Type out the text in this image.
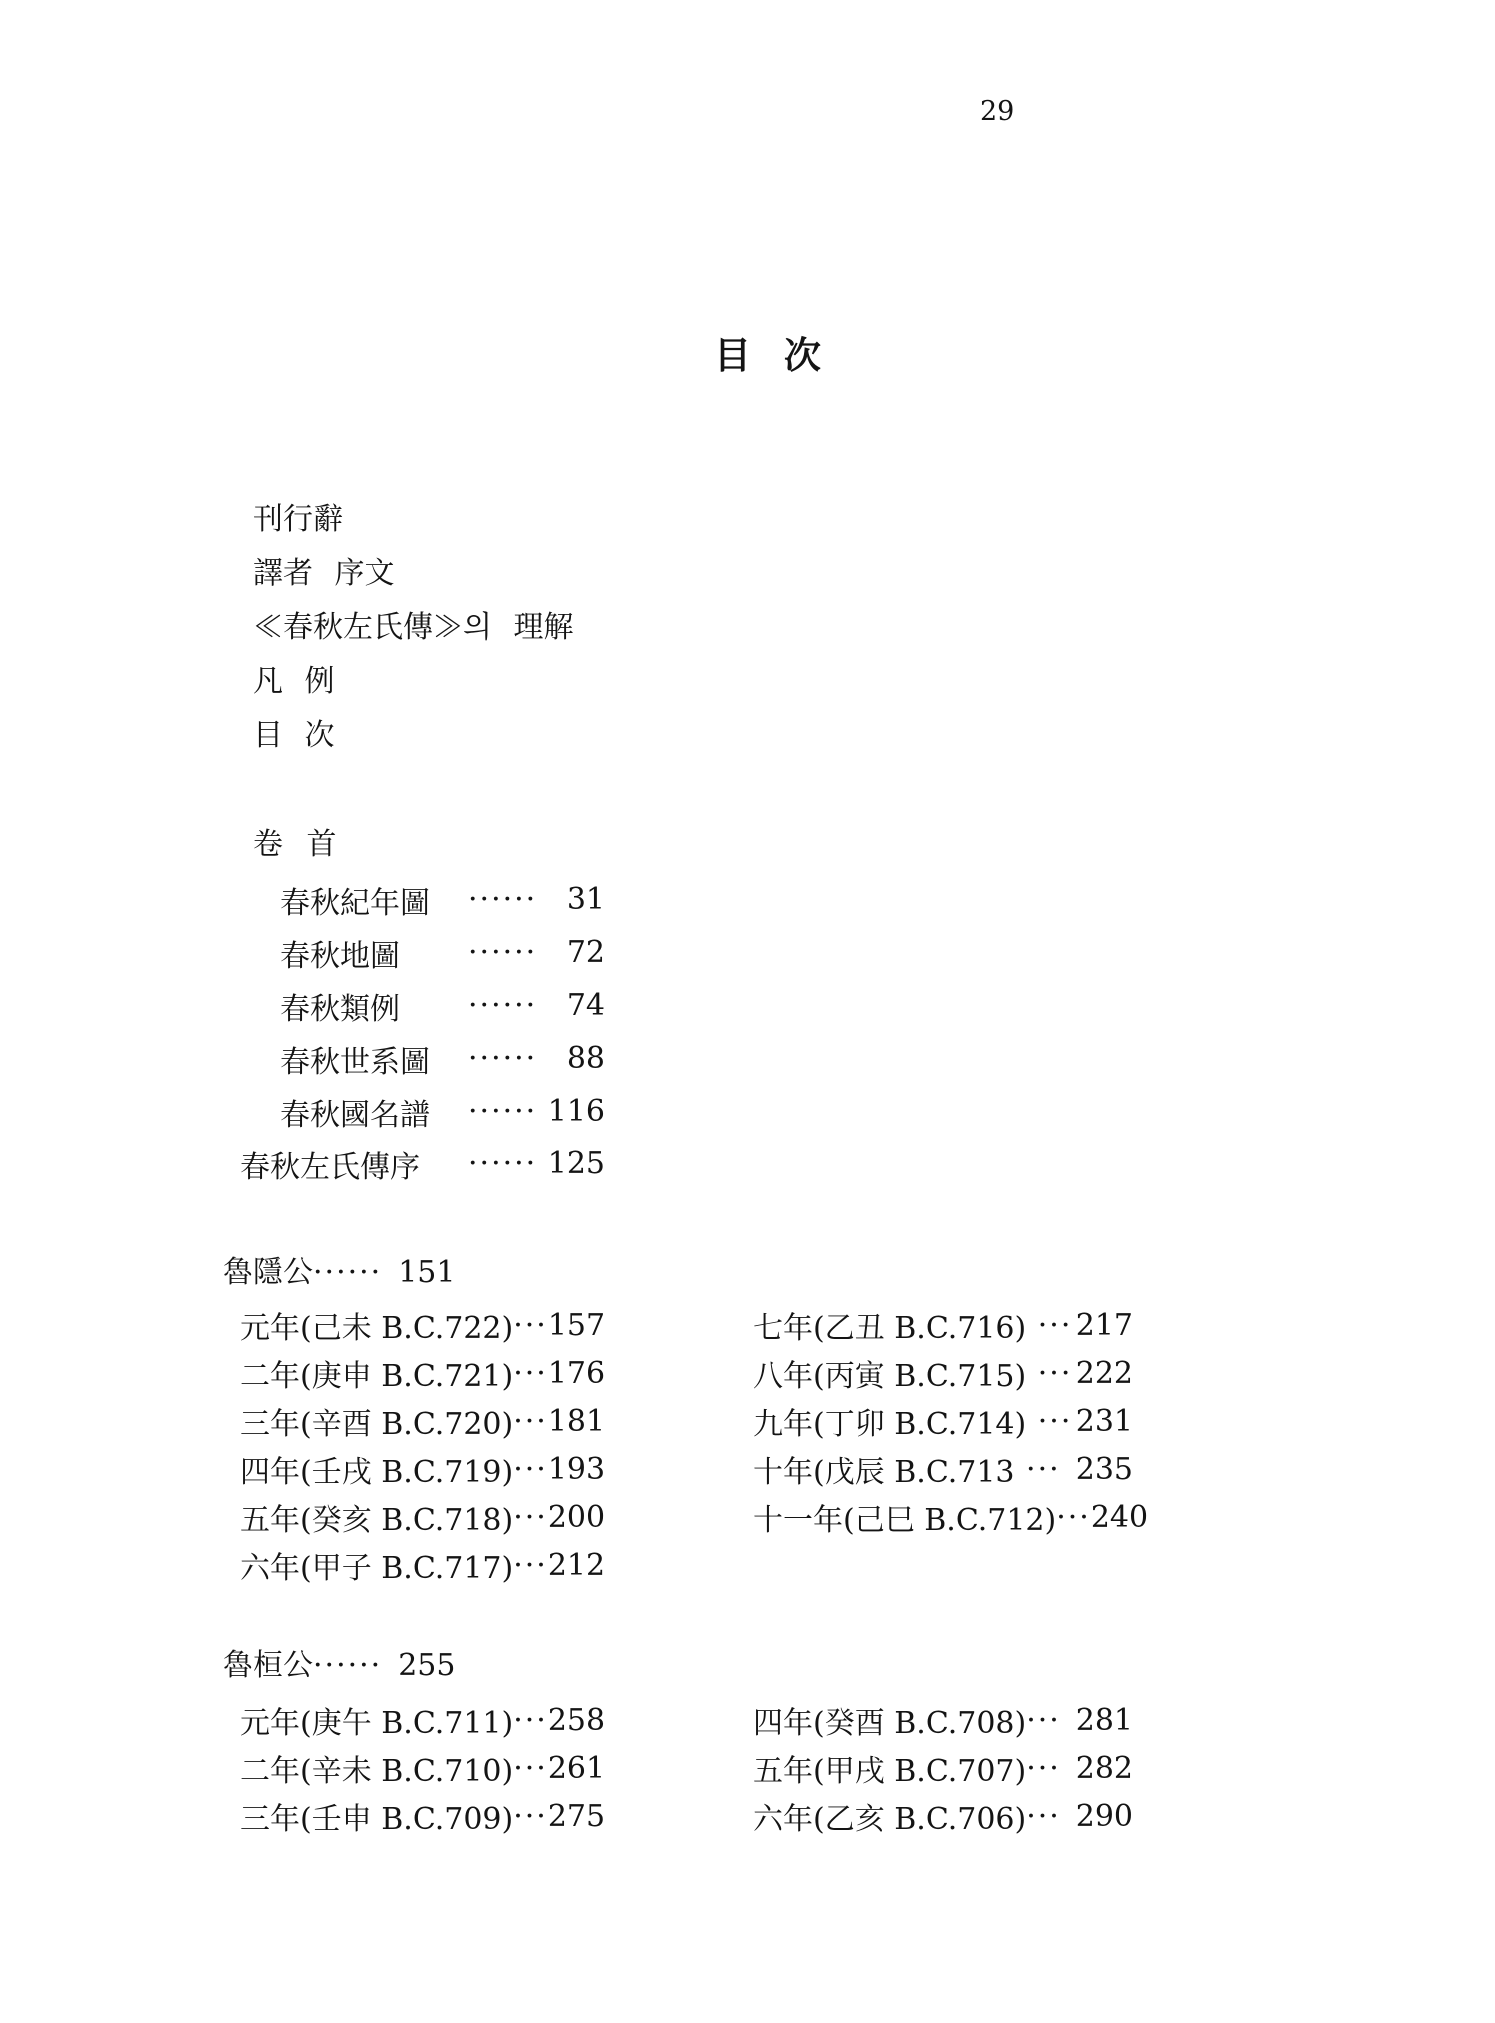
29
目 次
刊行辭
譯者 序文
≪春秋左氏傳≫의 理解
凡 例
目 次
卷 首
春秋紀年圖	······ 31
春秋地圖	······ 72
春秋類例	······ 74
春秋世系圖	······ 88
春秋國名譜	······ 116
春秋左氏傳序	······ 125
魯隱公······ 151
元年(己未 B.C.722) ··· 157
二年(庚申 B.C.721) ··· 176
三年(辛酉 B.C.720) ··· 181
四年(壬戌 B.C.719) ··· 193
五年(癸亥 B.C.718) ··· 200
六年(甲子 B.C.717) ··· 212
七年(乙丑 B.C.716) ··· 217
八年(丙寅 B.C.715) ··· 222
九年(丁卯 B.C.714) ··· 231
十年(戊辰 B.C.713 ··· 235
十一年(己巳 B.C.712) ··· 240
魯桓公······ 255
元年(庚午 B.C.711) ··· 258
二年(辛未 B.C.710) ··· 261
三年(壬申 B.C.709) ··· 275
四年(癸酉 B.C.708) ··· 281
五年(甲戌 B.C.707) ··· 282
六年(乙亥 B.C.706) ··· 290
